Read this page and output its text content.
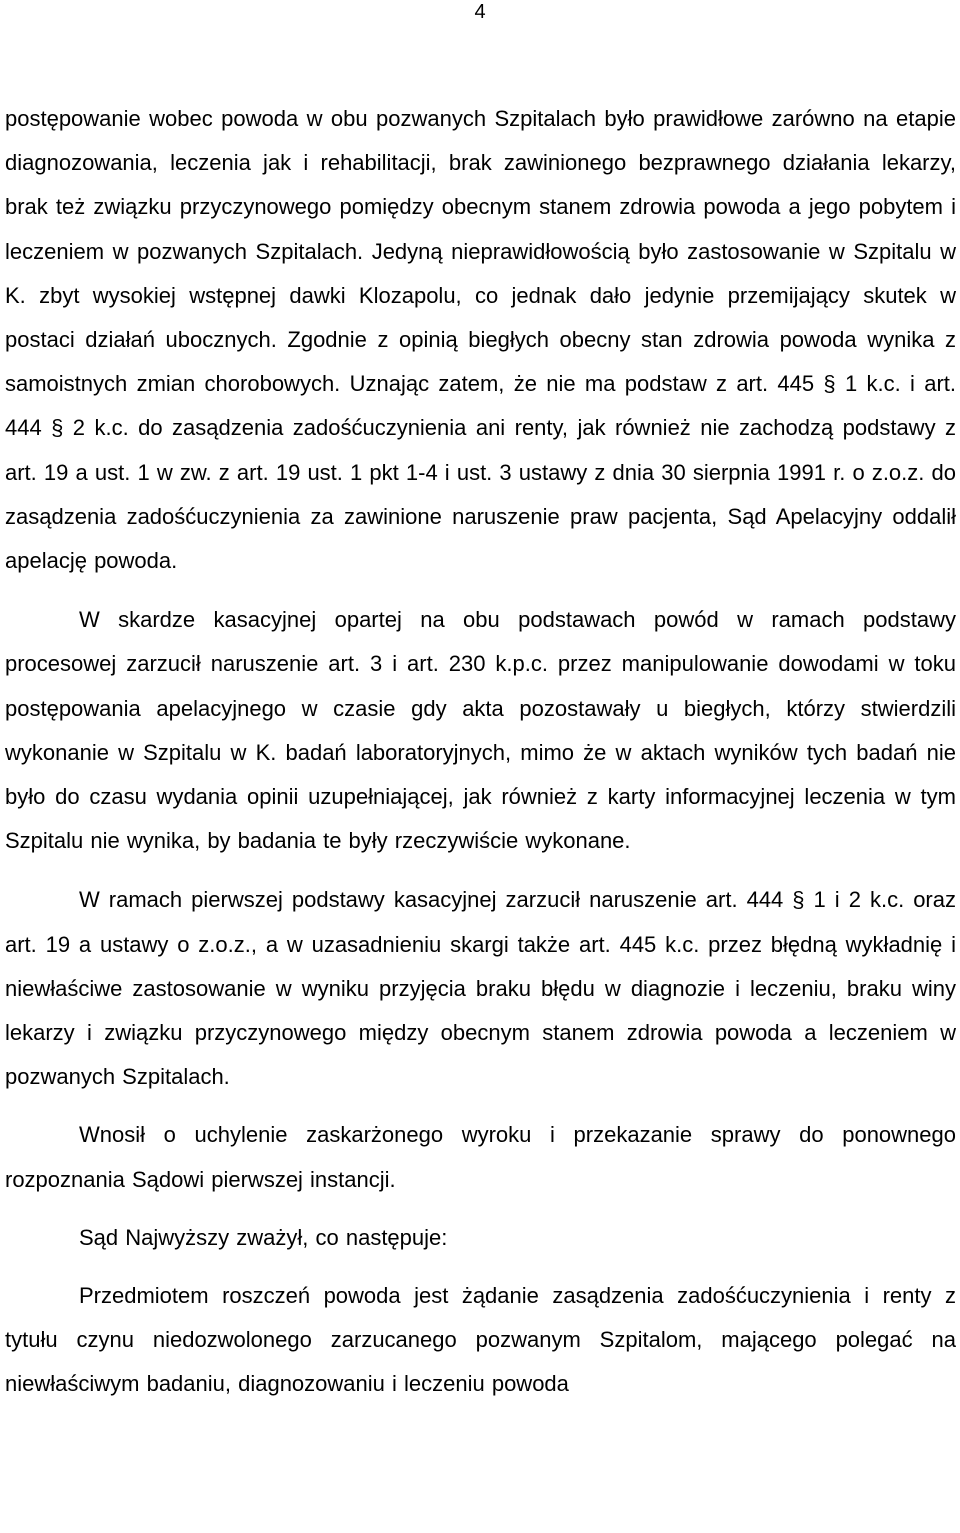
4

postępowanie wobec powoda w obu pozwanych Szpitalach było prawidłowe zarówno na etapie diagnozowania, leczenia jak i rehabilitacji, brak zawinionego bezprawnego działania lekarzy, brak też związku przyczynowego pomiędzy obecnym stanem zdrowia powoda a jego pobytem i leczeniem w pozwanych Szpitalach. Jedyną nieprawidłowością było zastosowanie w Szpitalu w K. zbyt wysokiej wstępnej dawki Klozapolu, co jednak dało jedynie przemijający skutek w postaci działań ubocznych. Zgodnie z opinią biegłych obecny stan zdrowia powoda wynika z samoistnych zmian chorobowych. Uznając zatem, że nie ma podstaw z art. 445 § 1 k.c. i art. 444 § 2 k.c. do zasądzenia zadośćuczynienia ani renty, jak również nie zachodzą podstawy z art. 19 a ust. 1 w zw. z art. 19 ust. 1 pkt 1-4 i ust. 3 ustawy z dnia 30 sierpnia 1991 r. o z.o.z. do zasądzenia zadośćuczynienia za zawinione naruszenie praw pacjenta, Sąd Apelacyjny oddalił apelację powoda.

W skardze kasacyjnej opartej na obu podstawach powód w ramach podstawy procesowej zarzucił naruszenie art. 3 i art. 230 k.p.c. przez manipulowanie dowodami w toku postępowania apelacyjnego w czasie gdy akta pozostawały u biegłych, którzy stwierdzili wykonanie w Szpitalu w K. badań laboratoryjnych, mimo że w aktach wyników tych badań nie było do czasu wydania opinii uzupełniającej, jak również z karty informacyjnej leczenia w tym Szpitalu nie wynika, by badania te były rzeczywiście wykonane.

W ramach pierwszej podstawy kasacyjnej zarzucił naruszenie art. 444 § 1 i 2 k.c. oraz art. 19 a ustawy o z.o.z., a w uzasadnieniu skargi także art. 445 k.c. przez błędną wykładnię i niewłaściwe zastosowanie w wyniku przyjęcia braku błędu w diagnozie i leczeniu, braku winy lekarzy i związku przyczynowego między obecnym stanem zdrowia powoda a leczeniem w pozwanych Szpitalach.

Wnosił o uchylenie zaskarżonego wyroku i przekazanie sprawy do ponownego rozpoznania Sądowi pierwszej instancji.

Sąd Najwyższy zważył, co następuje:

Przedmiotem roszczeń powoda jest żądanie zasądzenia zadośćuczynienia i renty z tytułu czynu niedozwolonego zarzucanego pozwanym Szpitalom, mającego polegać na niewłaściwym badaniu, diagnozowaniu i leczeniu powoda
